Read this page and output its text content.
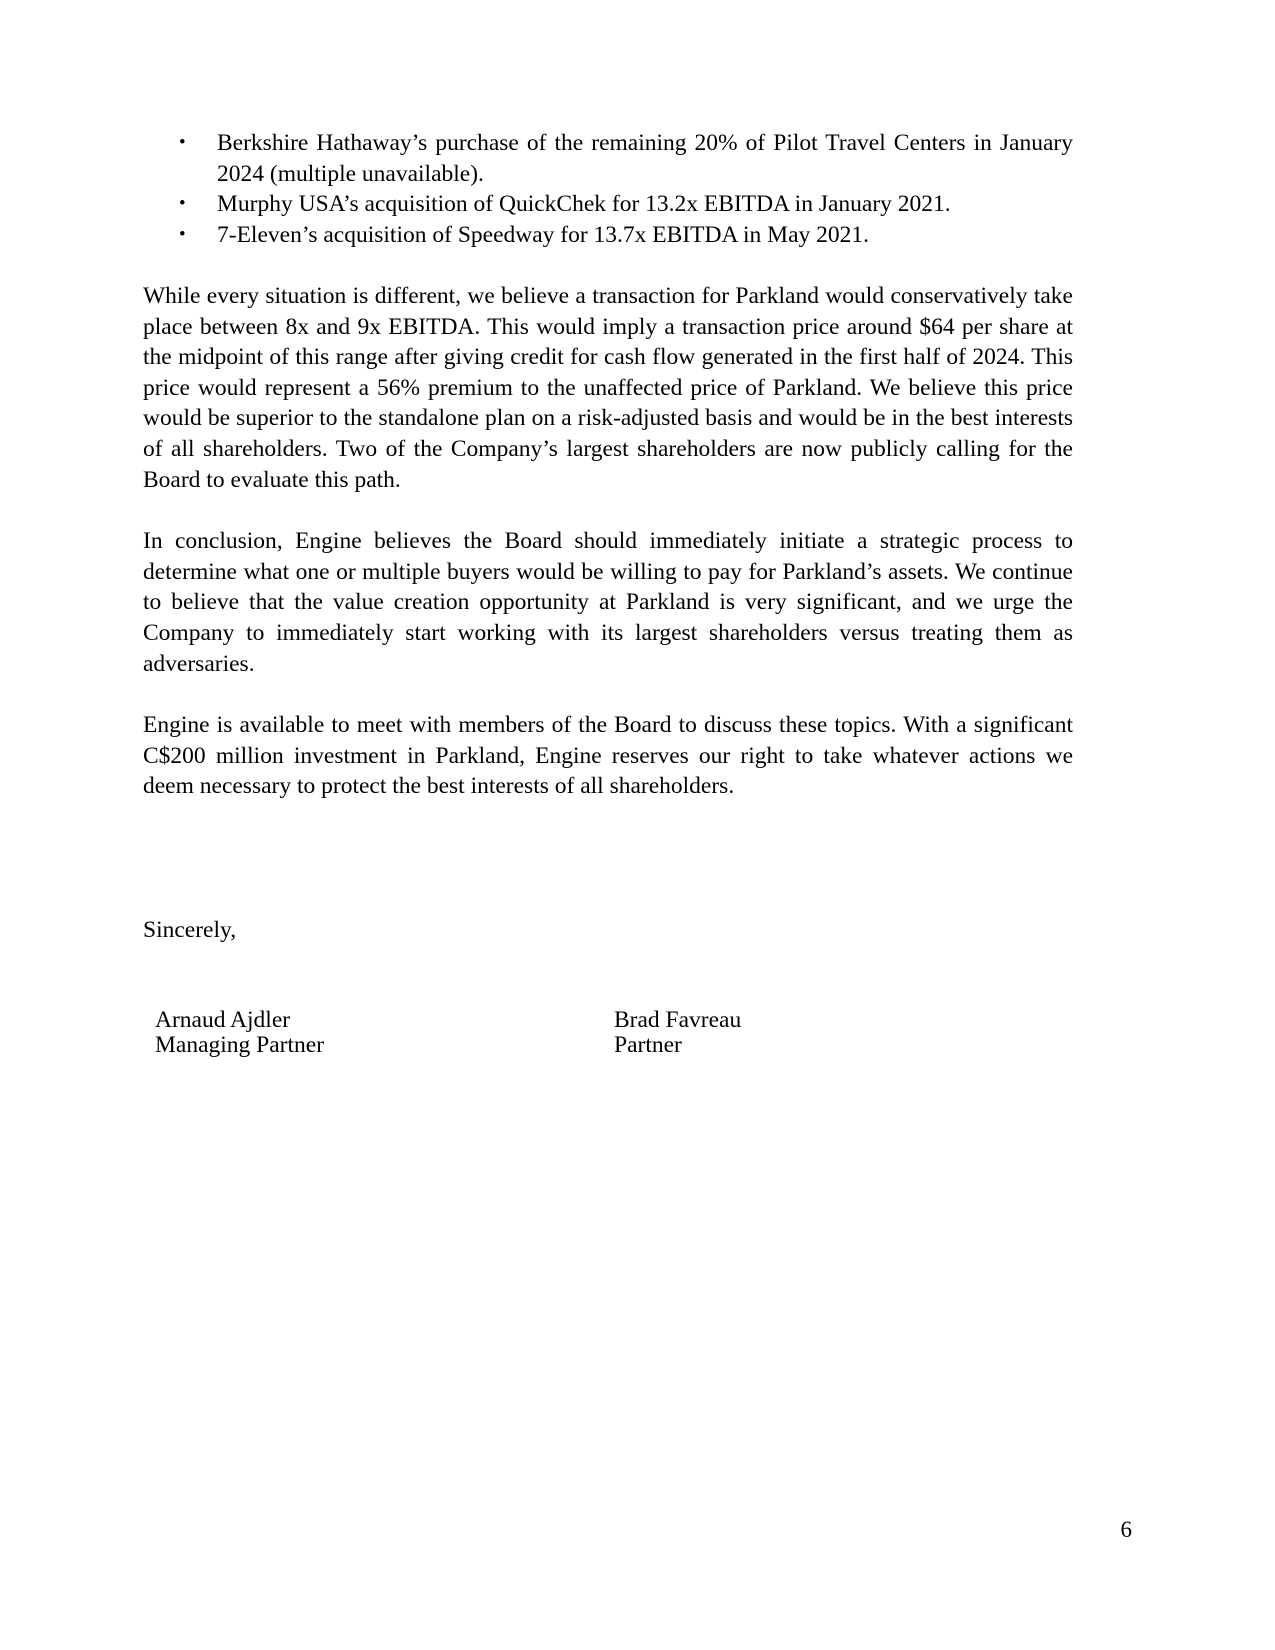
• Berkshire Hathaway’s purchase of the remaining 20% of Pilot Travel Centers in January 2024 (multiple unavailable).
• Murphy USA’s acquisition of QuickChek for 13.2x EBITDA in January 2021.
• 7-Eleven’s acquisition of Speedway for 13.7x EBITDA in May 2021.

While every situation is different, we believe a transaction for Parkland would conservatively take place between 8x and 9x EBITDA. This would imply a transaction price around $64 per share at the midpoint of this range after giving credit for cash flow generated in the first half of 2024. This price would represent a 56% premium to the unaffected price of Parkland. We believe this price would be superior to the standalone plan on a risk-adjusted basis and would be in the best interests of all shareholders. Two of the Company’s largest shareholders are now publicly calling for the Board to evaluate this path.

In conclusion, Engine believes the Board should immediately initiate a strategic process to determine what one or multiple buyers would be willing to pay for Parkland’s assets. We continue to believe that the value creation opportunity at Parkland is very significant, and we urge the Company to immediately start working with its largest shareholders versus treating them as adversaries.

Engine is available to meet with members of the Board to discuss these topics. With a significant C$200 million investment in Parkland, Engine reserves our right to take whatever actions we deem necessary to protect the best interests of all shareholders.

Sincerely,

Arnaud Ajdler
Managing Partner
Brad Favreau
Partner
6
